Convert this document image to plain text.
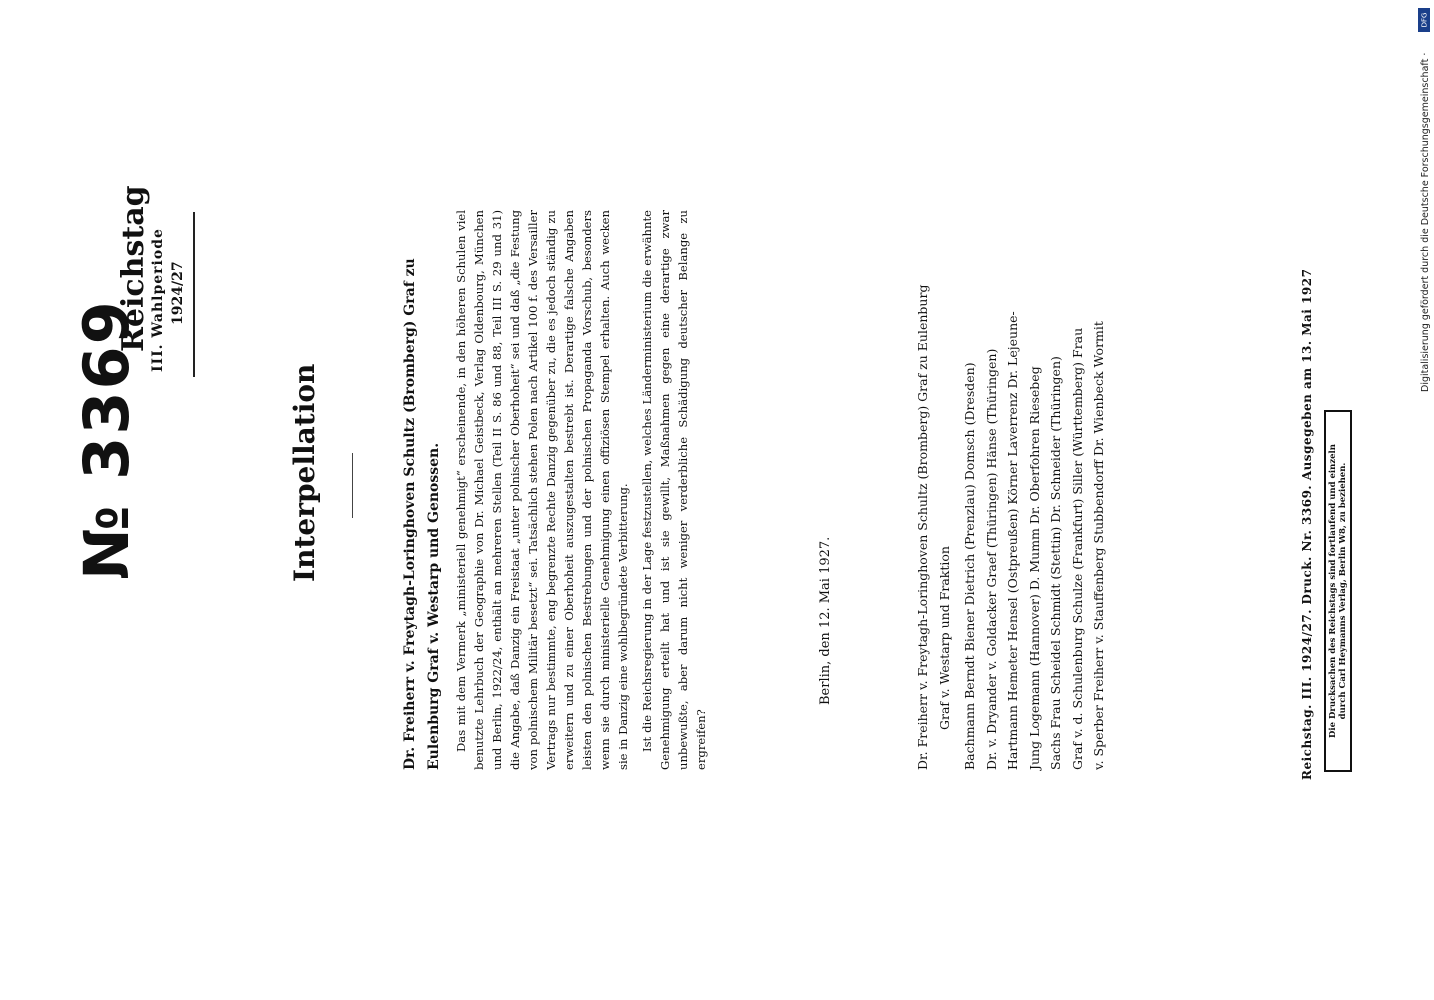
№ 3369
Reichstag III. Wahlperiode 1924/27
Interpellation	Dr. Freiherr v. Freytagh-Loringhoven Schultz (Bromberg) Graf zu Eulenburg Graf v. Westarp und Genossen.	Das mit dem Vermerk „ministeriell genehmigt“ erscheinende, in den höheren Schulen viel benutzte Lehrbuch der Geographie von Dr. Michael Geistbeck, Verlag Oldenbourg, München und Berlin, 1922/24, enthält an mehreren Stellen (Teil II S. 86 und 88, Teil III S. 29 und 31) die Angabe, daß Danzig ein Freistaat „unter polnischer Oberhoheit“ sei und daß „die Festung von polnischem Militär besetzt“ sei. Tatsächlich stehen Polen nach Artikel 100 f. des Versailler Vertrags nur bestimmte, eng begrenzte Rechte Danzig gegenüber zu, die es jedoch ständig zu erweitern und zu einer Oberhoheit auszugestalten bestrebt ist. Derartige falsche Angaben leisten den polnischen Bestrebungen und der polnischen Propaganda Vorschub, besonders wenn sie durch ministerielle Genehmigung einen offiziösen Stempel erhalten. Auch wecken sie in Danzig eine wohlbegründete Verbitterung. Ist die Reichsregierung in der Lage festzustellen, welches Länderministerium die erwähnte Genehmigung erteilt hat und ist sie gewillt, Maßnahmen gegen eine derartige zwar unbewußte, aber darum nicht weniger verderbliche Schädigung deutscher Belange zu ergreifen?

Berlin, den 12. Mai 1927.	Dr. Freiherr v. Freytagh-Loringhoven Schultz (Bromberg) Graf zu Eulenburg Graf v. Westarp und Fraktion Bachmann Berndt Biener Dietrich (Prenzlau) Domsch (Dresden) Dr. v. Dryander v. Goldacker Graef (Thüringen) Hänse (Thüringen) Hartmann Hemeter Hensel (Ostpreußen) Körner Laverrenz Dr. Lejeune- Jung Logemann (Hannover) D. Mumm Dr. Oberfohren Riesebeg Sachs Frau Scheidel Schmidt (Stettin) Dr. Schneider (Thüringen) Graf v. d. Schulenburg Schulze (Frankfurt) Siller (Württemberg) Frau v. Sperber Freiherr v. Stauffenberg Stubbendorff Dr. Wienbeck Wormit	Reichstag. III. 1924/27. Druck. Nr. 3369. Ausgegeben am 13. Mai 1927 Die Drucksachen des Reichstags sind fortlaufend und einzeln durch Carl Heymanns Verlag, Berlin W8, zu beziehen.
DFG
Digitalisierung gefördert durch die Deutsche Forschungsgemeinschaft ·
